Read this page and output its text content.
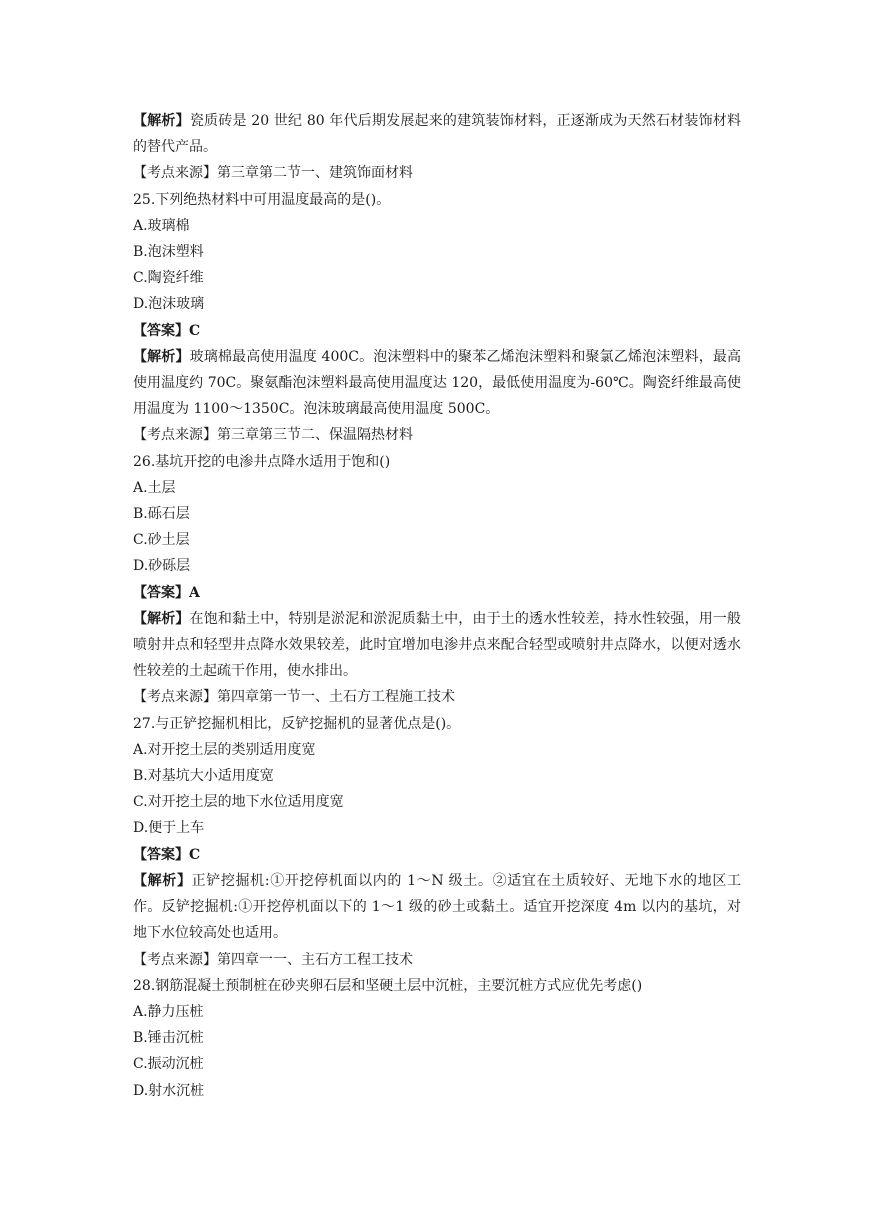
【解析】瓷质砖是 20 世纪 80 年代后期发展起来的建筑装饰材料，正逐渐成为天然石材装饰材料的替代产品。
【考点来源】第三章第二节一、建筑饰面材料
25.下列绝热材料中可用温度最高的是()。
A.玻璃棉
B.泡沫塑料
C.陶瓷纤维
D.泡沫玻璃
【答案】C
【解析】玻璃棉最高使用温度 400C。泡沫塑料中的聚苯乙烯泡沫塑料和聚氯乙烯泡沫塑料，最高使用温度约 70C。聚氨酯泡沫塑料最高使用温度达 120，最低使用温度为-60℃。陶瓷纤维最高使用温度为 1100～1350C。泡沫玻璃最高使用温度 500C。
【考点来源】第三章第三节二、保温隔热材料
26.基坑开挖的电渗井点降水适用于饱和()
A.土层
B.砾石层
C.砂土层
D.砂砾层
【答案】A
【解析】在饱和黏土中，特别是淤泥和淤泥质黏土中，由于土的透水性较差，持水性较强，用一般喷射井点和轻型井点降水效果较差，此时宜增加电渗井点来配合轻型或喷射井点降水，以便对透水性较差的土起疏干作用，使水排出。
【考点来源】第四章第一节一、土石方工程施工技术
27.与正铲挖掘机相比，反铲挖掘机的显著优点是()。
A.对开挖土层的类别适用度宽
B.对基坑大小适用度宽
C.对开挖土层的地下水位适用度宽
D.便于上车
【答案】C
【解析】正铲挖掘机:①开挖停机面以内的 1～N 级土。②适宜在土质较好、无地下水的地区工作。反铲挖掘机:①开挖停机面以下的 1～1 级的砂土或黏土。适宜开挖深度 4m 以内的基坑，对地下水位较高处也适用。
【考点来源】第四章一一、主石方工程工技术
28.钢筋混凝土预制桩在砂夹卵石层和坚硬土层中沉桩，主要沉桩方式应优先考虑()
A.静力压桩
B.锤击沉桩
C.振动沉桩
D.射水沉桩
